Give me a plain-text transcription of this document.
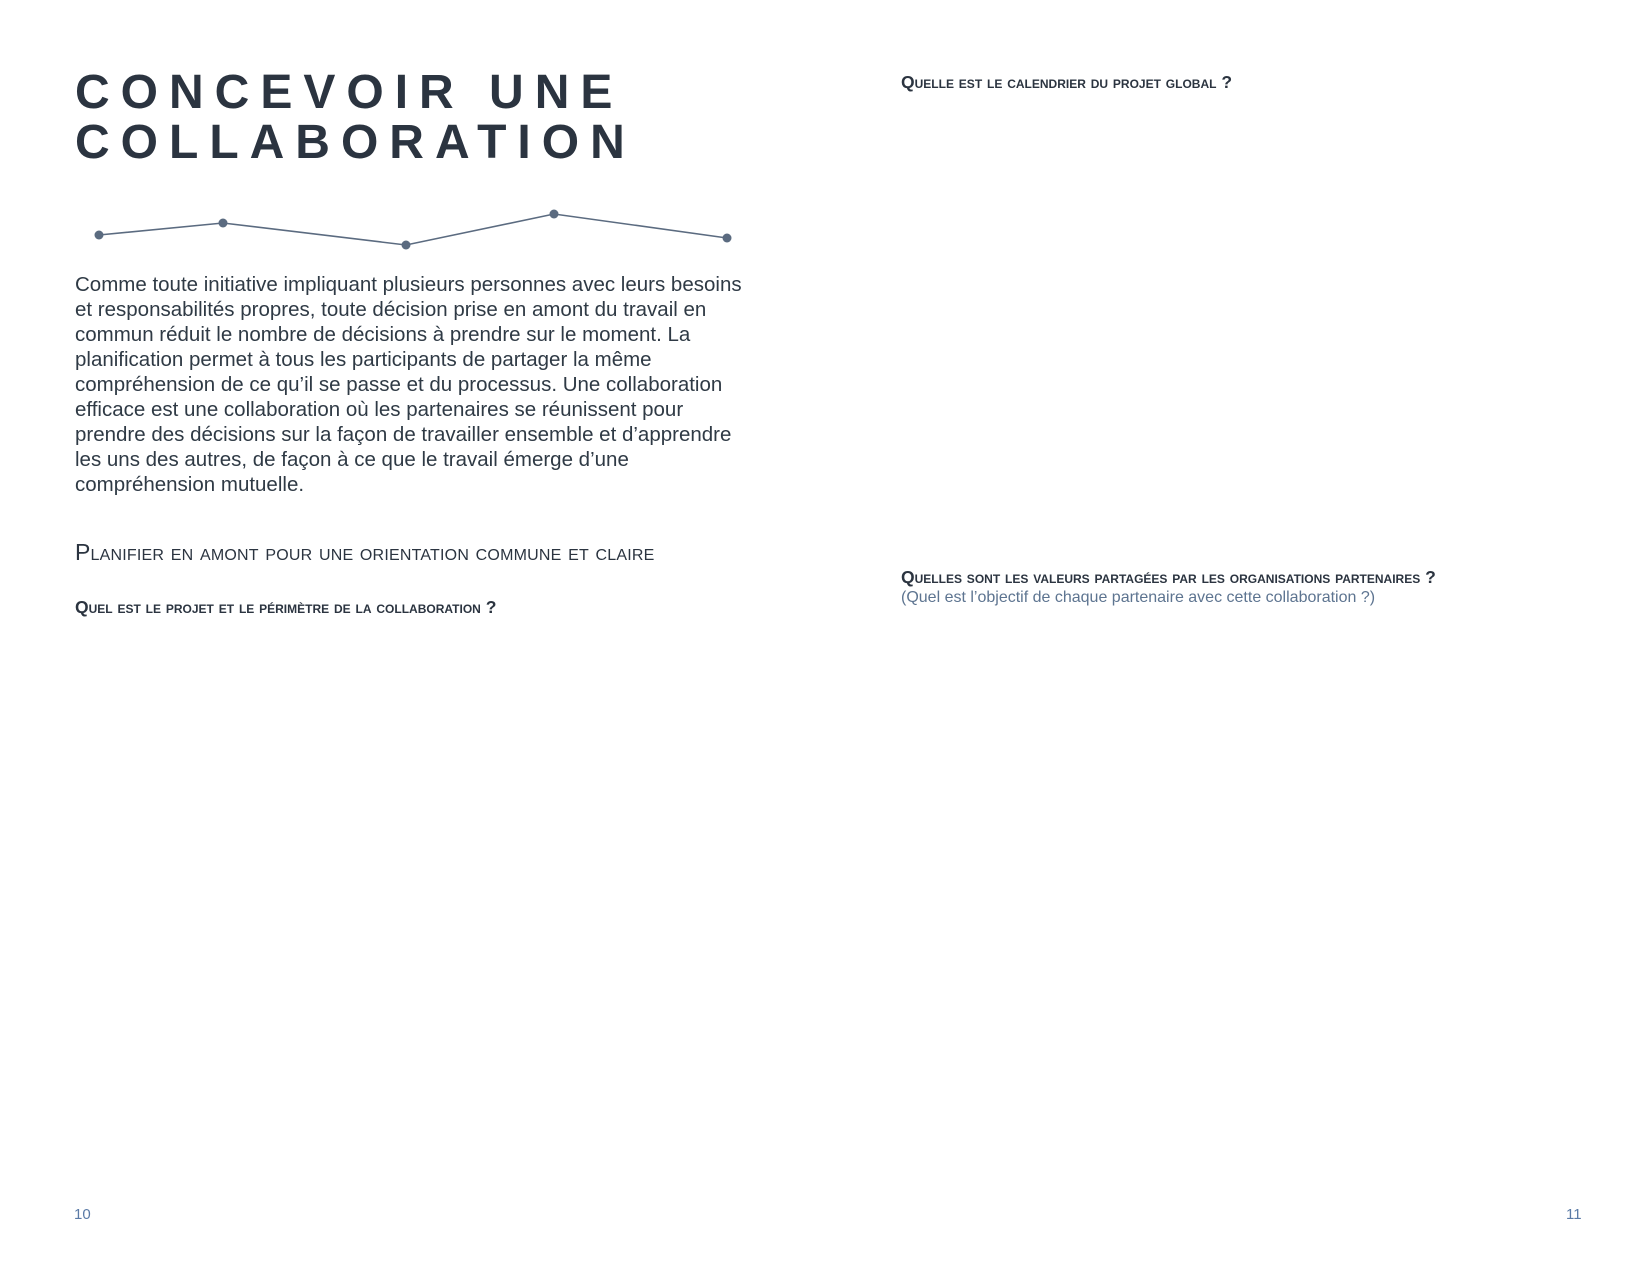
CONCEVOIR UNE
COLLABORATION

Comme toute initiative impliquant plusieurs personnes avec leurs besoins et responsabilités propres, toute décision prise en amont du travail en commun réduit le nombre de décisions à prendre sur le moment. La planification permet à tous les participants de partager la même compréhension de ce qu’il se passe et du processus. Une collaboration efficace est une collaboration où les partenaires se réunissent pour prendre des décisions sur la façon de travailler ensemble et d’apprendre les uns des autres, de façon à ce que le travail émerge d’une compréhension mutuelle.

Planifier en amont pour une orientation commune et claire
Quel est le projet et le périmètre de la collaboration ?
10
Quelle est le calendrier du projet global ?
Quelles sont les valeurs partagées par les organisations partenaires ?

(Quel est l’objectif de chaque partenaire avec cette collaboration ?)

11
